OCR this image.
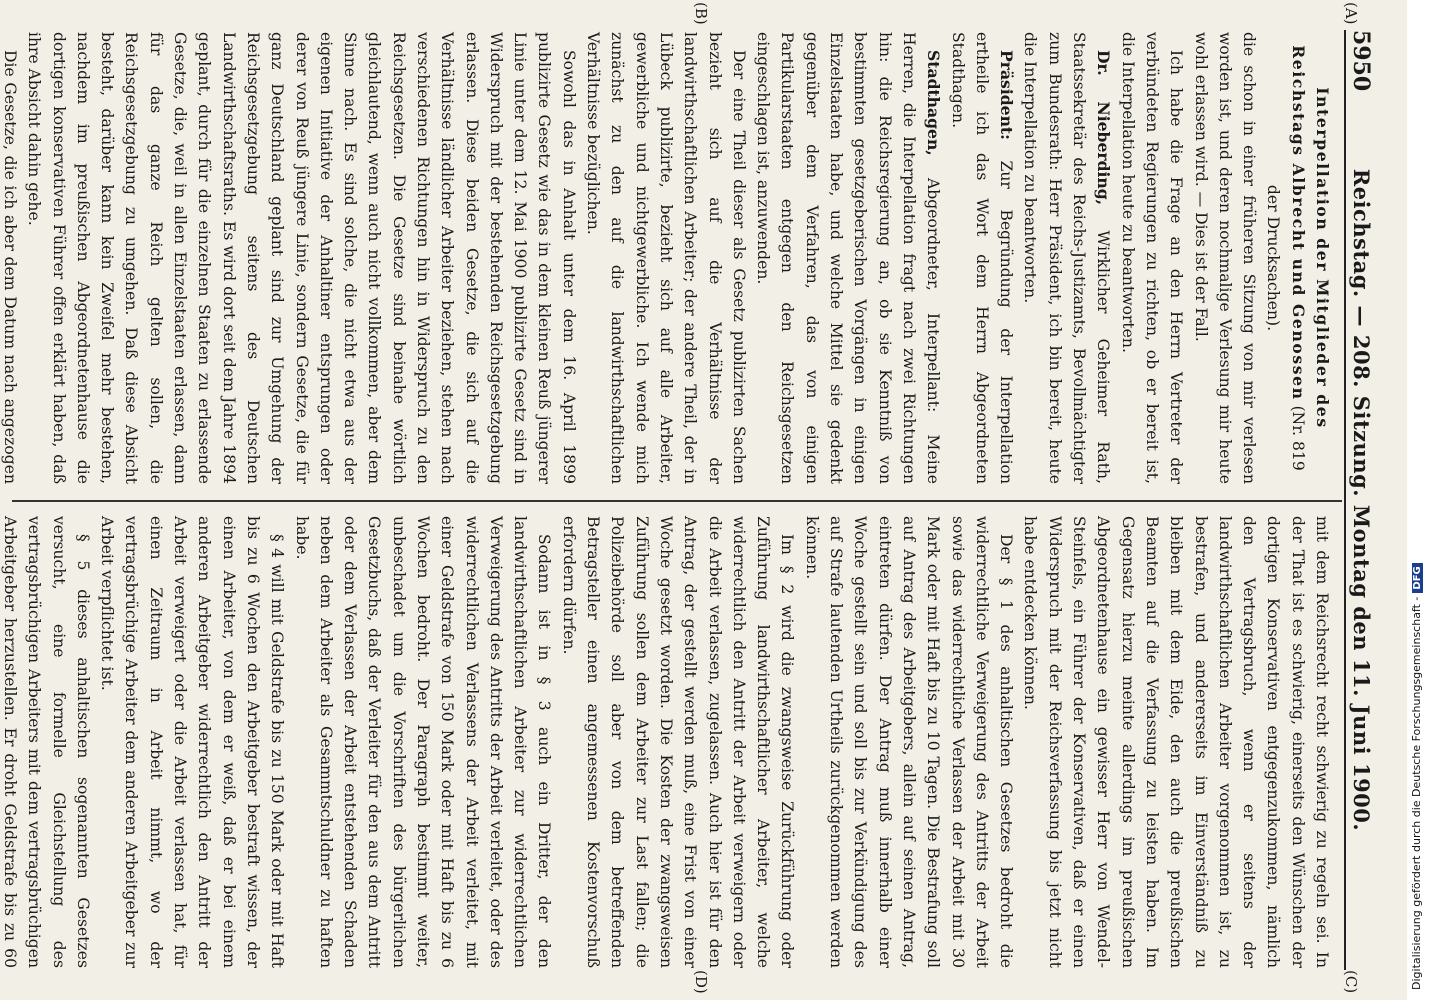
5950
Reichstag. — 208. Sitzung. Montag den 11. Juni 1900.
(A)
(B)
(C)
(D)

Interpellation der Mitglieder des Reichstags Albrecht und Genossen (Nr. 819 der Drucksachen).

die schon in einer früheren Sitzung von mir verlesen worden ist, und deren nochmalige Verlesung mir heute wohl erlassen wird. — Dies ist der Fall.

Ich habe die Frage an den Herrn Vertreter der verbündeten Regierungen zu richten, ob er bereit ist, die Interpellation heute zu beantworten.

Dr. Nieberding, Wirklicher Geheimer Rath, Staatssekretär des Reichs-Justizamts, Bevollmächtigter zum Bundesrath: Herr Präsident, ich bin bereit, heute die Interpellation zu beantworten.

Präsident: Zur Begründung der Interpellation ertheile ich das Wort dem Herrn Abgeordneten Stadthagen.

Stadthagen, Abgeordneter, Interpellant: Meine Herren, die Interpellation fragt nach zwei Richtungen hin: die Reichsregierung an, ob sie Kenntniß von bestimmten gesetzgeberischen Vorgängen in einigen Einzelstaaten habe, und welche Mittel sie gedenkt gegenüber dem Verfahren, das von einigen Partikularstaaten entgegen den Reichsgesetzen eingeschlagen ist, anzuwenden.

Der eine Theil dieser als Gesetz publizirten Sachen bezieht sich auf die Verhältnisse der landwirthschaftlichen Arbeiter; der andere Theil, der in Lübeck publizirte, bezieht sich auf alle Arbeiter, gewerbliche und nichtgewerbliche. Ich wende mich zunächst zu den auf die landwirthschaftlichen Verhältnisse bezüglichen.

Sowohl das in Anhalt unter dem 16. April 1899 publizirte Gesetz wie das in dem kleinen Reuß jüngerer Linie unter dem 12. Mai 1900 publizirte Gesetz sind in Widerspruch mit der bestehenden Reichsgesetzgebung erlassen. Diese beiden Gesetze, die sich auf die Verhältnisse ländlicher Arbeiter beziehen, stehen nach verschiedenen Richtungen hin in Widerspruch zu den Reichsgesetzen. Die Gesetze sind beinahe wörtlich gleichlautend, wenn auch nicht vollkommen, aber dem Sinne nach. Es sind solche, die nicht etwa aus der eigenen Initiative der Anhaltiner entsprungen oder derer von Reuß jüngere Linie, sondern Gesetze, die für ganz Deutschland geplant sind zur Umgehung der Reichsgesetzgebung seitens des Deutschen Landwirthschaftsraths. Es wird dort seit dem Jahre 1894 geplant, durch für die einzelnen Staaten zu erlassende Gesetze, die, weil in allen Einzelstaaten erlassen, dann für das ganze Reich gelten sollen, die Reichsgesetzgebung zu umgehen. Daß diese Absicht besteht, darüber kann kein Zweifel mehr bestehen, nachdem im preußischen Abgeordnetenhause die dortigen konservativen Führer offen erklärt haben, daß ihre Absicht dahin gehe.

Die Gesetze, die ich aber dem Datum nach angezogen

mit dem Reichsrecht recht schwierig zu regeln sei. In der That ist es schwierig, einerseits den Wünschen der dortigen Konservativen entgegenzukommen, nämlich den Vertragsbruch, wenn er seitens der landwirthschaftlichen Arbeiter vorgenommen ist, zu bestrafen, und andererseits im Einverständniß zu bleiben mit dem Eide, den auch die preußischen Beamten auf die Verfassung zu leisten haben. Im Gegensatz hierzu meinte allerdings im preußischen Abgeordnetenhause ein gewisser Herr von Wendel-Steinfels, ein Führer der Konservativen, daß er einen Widerspruch mit der Reichsverfassung bis jetzt nicht habe entdecken können.

Der § 1 des anhaltischen Gesetzes bedroht die widerrechtliche Verweigerung des Antritts der Arbeit sowie das widerrechtliche Verlassen der Arbeit mit 30 Mark oder mit Haft bis zu 10 Tagen. Die Bestrafung soll auf Antrag des Arbeitgebers, allein auf seinen Antrag, eintreten dürfen. Der Antrag muß innerhalb einer Woche gestellt sein und soll bis zur Verkündigung des auf Strafe lautenden Urtheils zurückgenommen werden können.

Im § 2 wird die zwangsweise Zurückführung oder Zuführung landwirthschaftlicher Arbeiter, welche widerrechtlich den Antritt der Arbeit verweigern oder die Arbeit verlassen, zugelassen. Auch hier ist für den Antrag, der gestellt werden muß, eine Frist von einer Woche gesetzt worden. Die Kosten der zwangsweisen Zuführung sollen dem Arbeiter zur Last fallen; die Polizeibehörde soll aber von dem betreffenden Betragsteller einen angemessenen Kostenvorschuß erfordern dürfen.

Sodann ist in § 3 auch ein Dritter, der den landwirthschaftlichen Arbeiter zur widerrechtlichen Verweigerung des Antritts der Arbeit verleitet, oder des widerrechtlichen Verlassens der Arbeit verleitet, mit einer Geldstrafe von 150 Mark oder mit Haft bis zu 6 Wochen bedroht. Der Paragraph bestimmt weiter, unbeschadet um die Vorschriften des bürgerlichen Gesetzbuchs, daß der Verleiter für den aus dem Antritt oder dem Verlassen der Arbeit entstehenden Schaden neben dem Arbeiter als Gesammtschuldner zu haften habe.

§ 4 will mit Geldstrafe bis zu 150 Mark oder mit Haft bis zu 6 Wochen den Arbeitgeber bestraft wissen, der einen Arbeiter, von dem er weiß, daß er bei einem anderen Arbeitgeber widerrechtlich den Antritt der Arbeit verweigert oder die Arbeit verlassen hat, für einen Zeitraum in Arbeit nimmt, wo der vertragsbrüchige Arbeiter dem anderen Arbeitgeber zur Arbeit verpflichtet ist.

§ 5 dieses anhaltischen sogenannten Gesetzes versucht, eine formelle Gleichstellung des vertragsbrüchigen Arbeiters mit dem vertragsbrüchigen Arbeitgeber herzustellen. Er droht Geldstrafe bis zu 60	Digitalisierung gefördert durch die Deutsche Forschungsgemeinschaft -DFG
